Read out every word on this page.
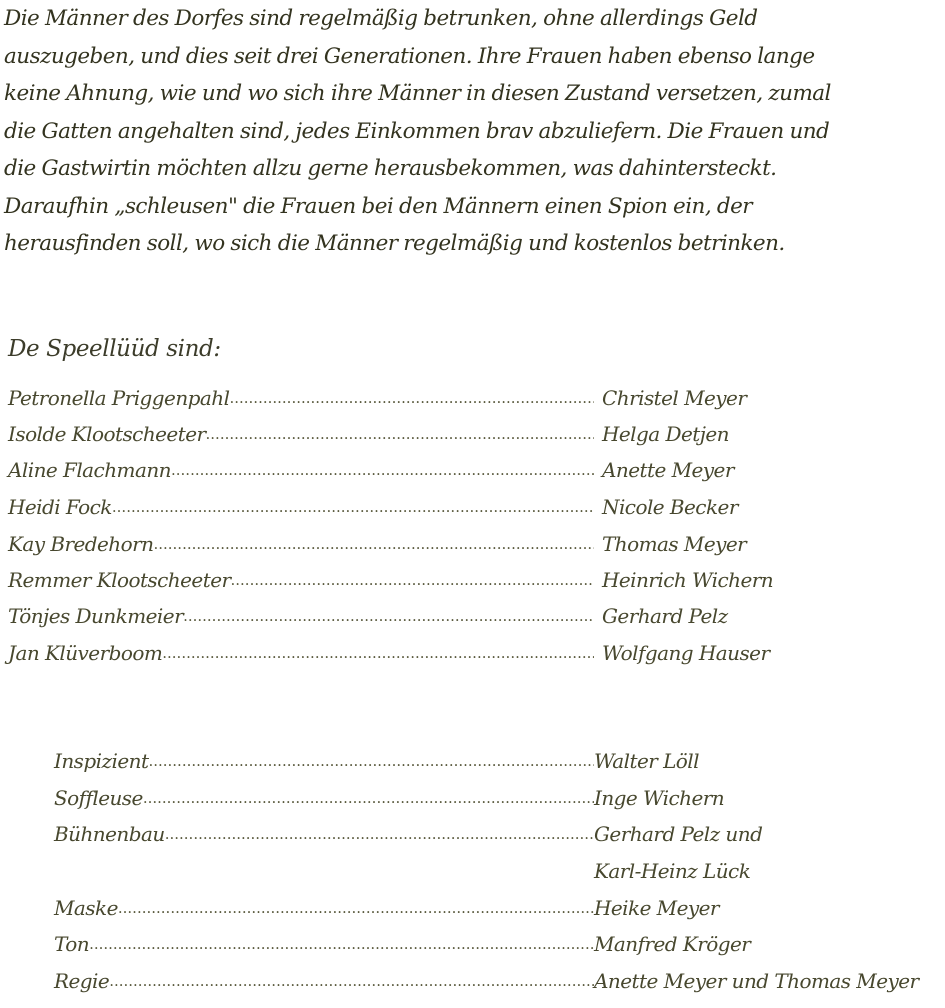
Die Männer des Dorfes sind regelmäßig betrunken, ohne allerdings Geld
auszugeben, und dies seit drei Generationen. Ihre Frauen haben ebenso lange
keine Ahnung, wie und wo sich ihre Männer in diesen Zustand versetzen, zumal
die Gatten angehalten sind, jedes Einkommen brav abzuliefern. Die Frauen und
die Gastwirtin möchten allzu gerne herausbekommen, was dahintersteckt.
Daraufhin „schleusen" die Frauen bei den Männern einen Spion ein, der
herausfinden soll, wo sich die Männer regelmäßig und kostenlos betrinken.
De Speellüüd sind:
Petronella Priggenpahl .....	Christel Meyer
Isolde Klootscheeter .....	Helga Detjen
Aline Flachmann .....	Anette Meyer
Heidi Fock .....	Nicole Becker
Kay Bredehorn .....	Thomas Meyer
Remmer Klootscheeter .....	Heinrich Wichern
Tönjes Dunkmeier .....	Gerhard Pelz
Jan Klüverboom .....	Wolfgang Hauser
Inspizient .....	Walter Löll
Soffleuse .....	Inge Wichern
Bühnenbau .....	Gerhard Pelz und
Karl-Heinz Lück
Maske .....	Heike Meyer
Ton .....	Manfred Kröger
Regie .....	Anette Meyer und Thomas Meyer
